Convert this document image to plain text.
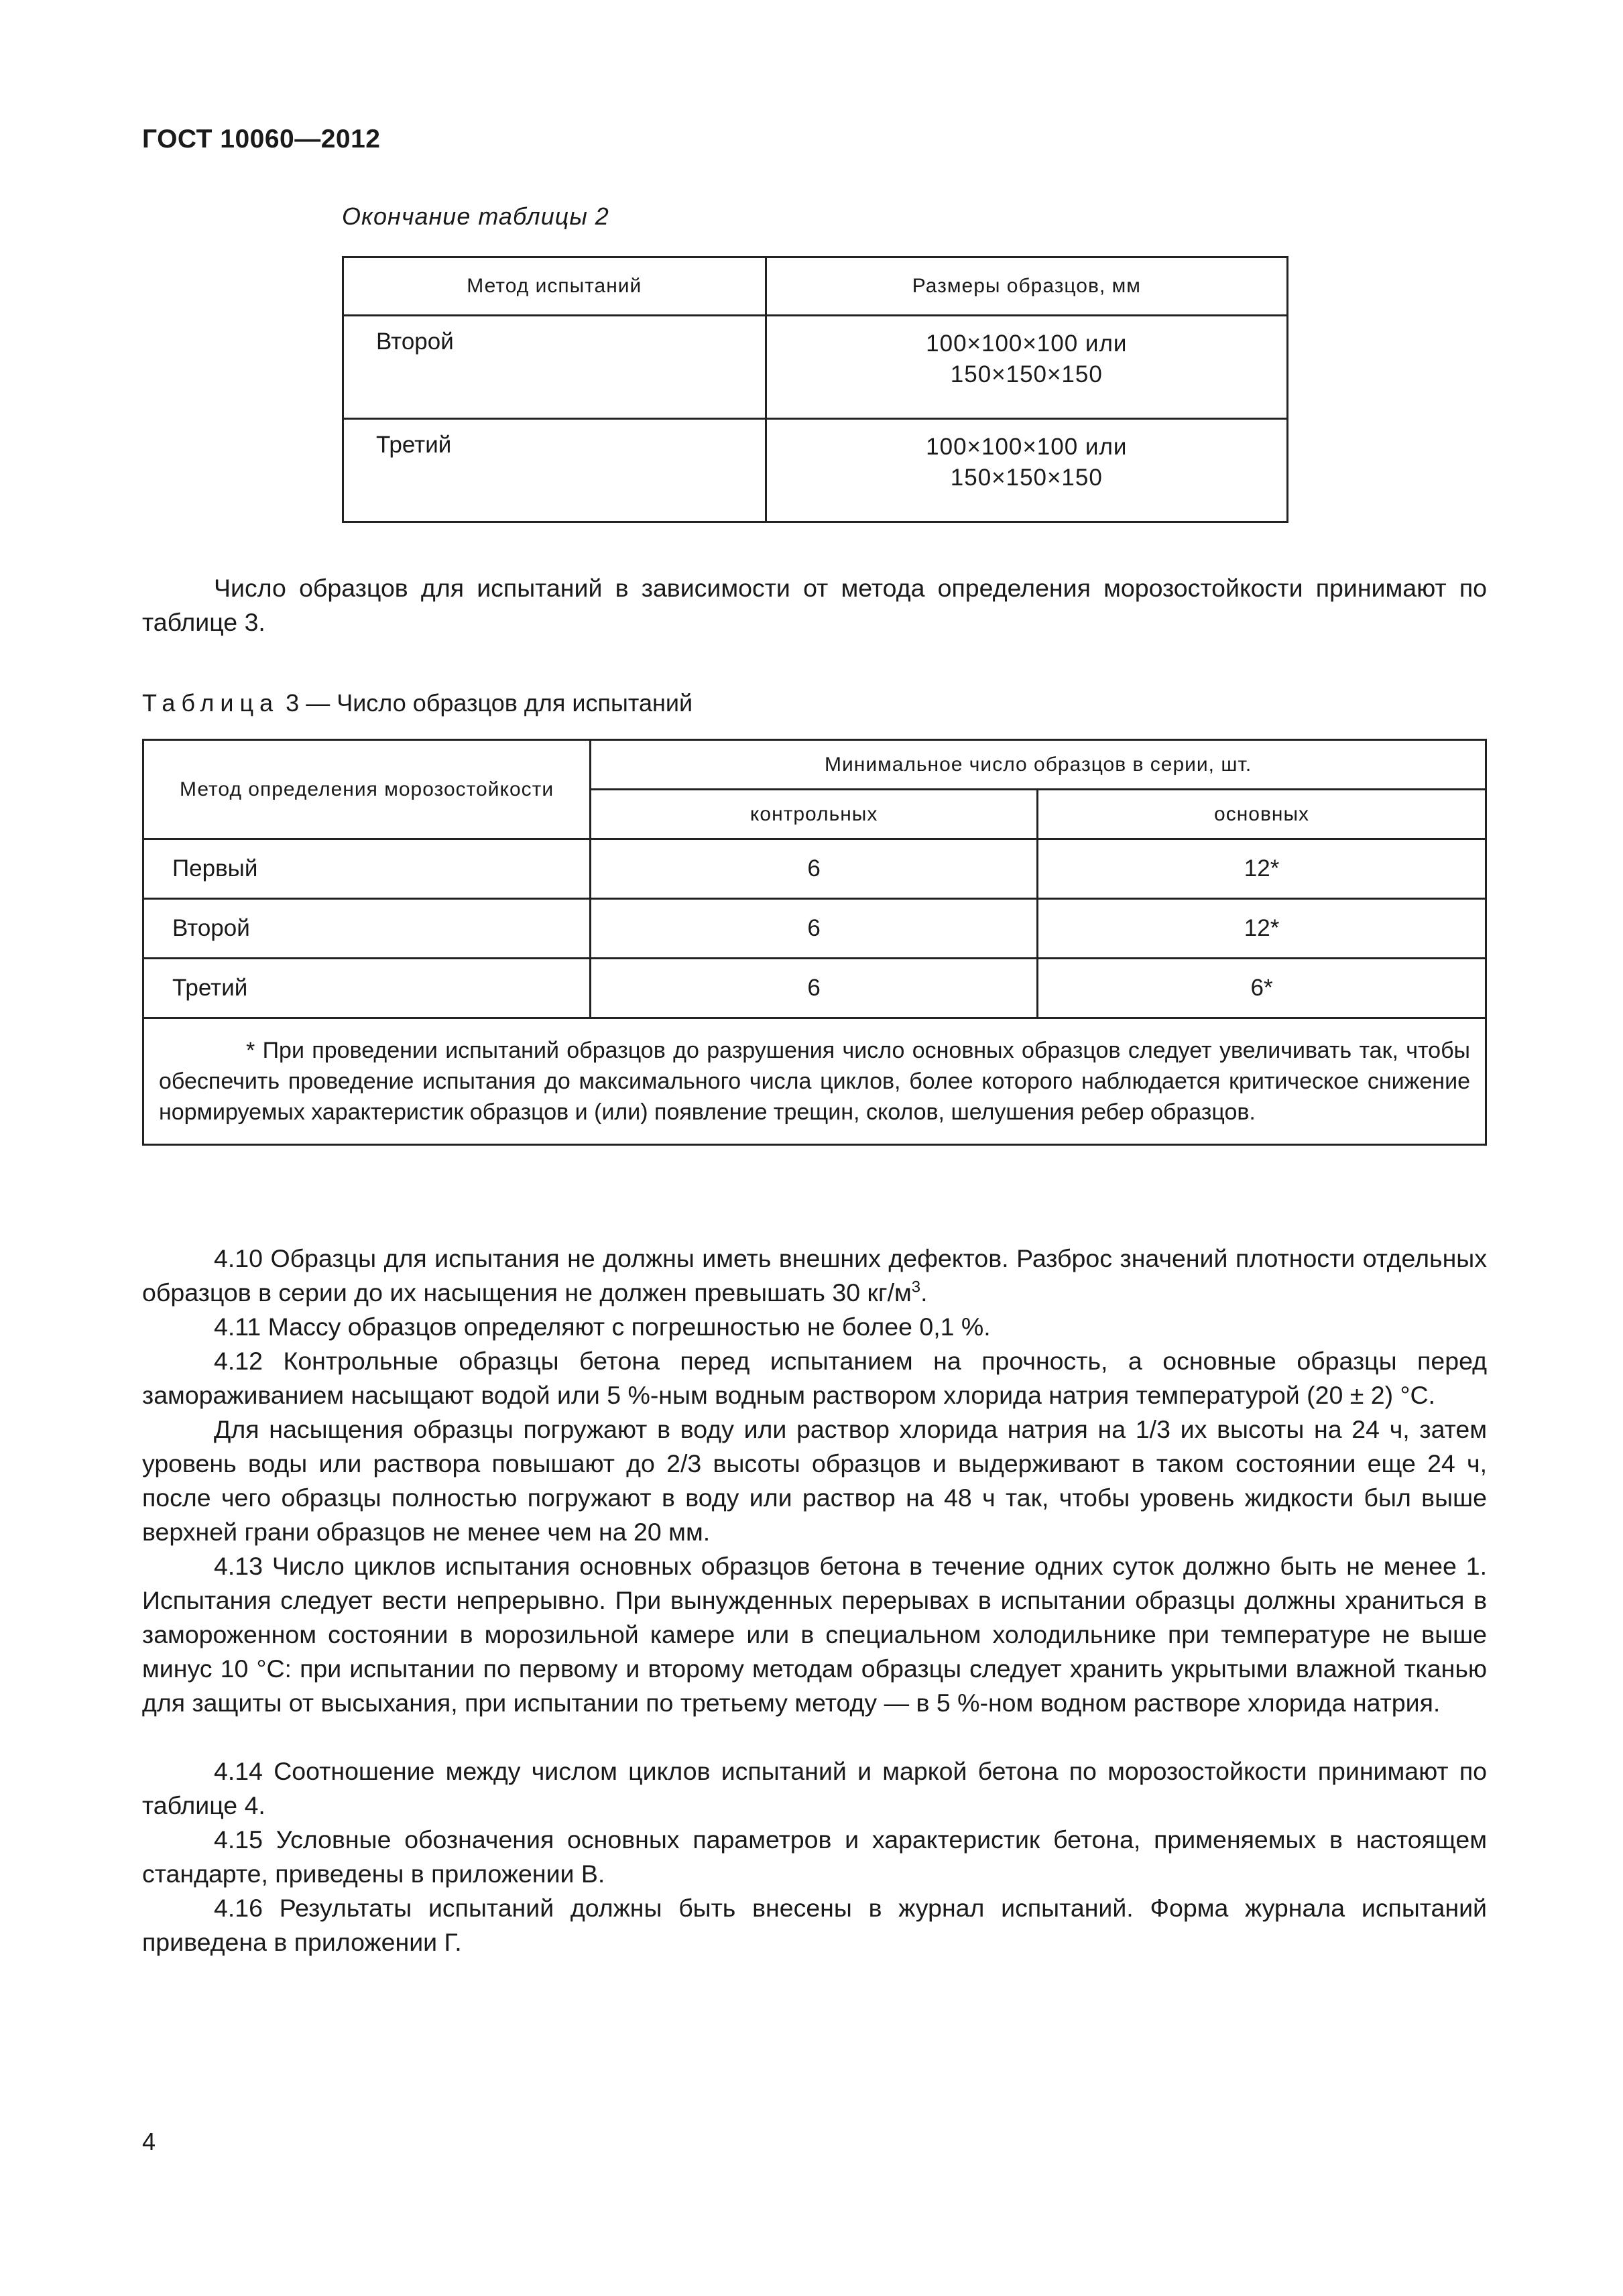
ГОСТ 10060—2012
Окончание таблицы 2
Метод испытаний	Размеры образцов, мм
Второй	100×100×100 или
150×150×150

Третий	100×100×100 или
150×150×150
Число образцов для испытаний в зависимости от метода определения морозостойкости принимают по таблице 3.
Таблица 3 — Число образцов для испытаний
Метод определения морозостойкости	Минимальное число образцов в серии, шт.	
	контрольных	основных
Первый	6	12*
Второй	6	12*
Третий	6	6*

* При проведении испытаний образцов до разрушения число основных образцов следует увеличивать так, чтобы обеспечить проведение испытания до максимального числа циклов, более которого наблюдается критическое снижение нормируемых характеристик образцов и (или) появление трещин, сколов, шелушения ребер образцов.		
4.10 Образцы для испытания не должны иметь внешних дефектов. Разброс значений плотности отдельных образцов в серии до их насыщения не должен превышать 30 $кг/м^3$.
4.11 Массу образцов определяют с погрешностью не более 0,1 %.
4.12 Контрольные образцы бетона перед испытанием на прочность, а основные образцы перед замораживанием насыщают водой или 5 %-ным водным раствором хлорида натрия температурой (20 ± 2) °С.
Для насыщения образцы погружают в воду или раствор хлорида натрия на 1/3 их высоты на 24 ч, затем уровень воды или раствора повышают до 2/3 высоты образцов и выдерживают в таком состоянии еще 24 ч, после чего образцы полностью погружают в воду или раствор на 48 ч так, чтобы уровень жидкости был выше верхней грани образцов не менее чем на 20 мм.
4.13 Число циклов испытания основных образцов бетона в течение одних суток должно быть не менее 1. Испытания следует вести непрерывно. При вынужденных перерывах в испытании образцы должны храниться в замороженном состоянии в морозильной камере или в специальном холодильнике при температуре не выше минус 10 °С: при испытании по первому и второму методам образцы следует хранить укрытыми влажной тканью для защиты от высыхания, при испытании по третьему методу — в 5 %-ном водном растворе хлорида натрия.
4.14 Соотношение между числом циклов испытаний и маркой бетона по морозостойкости принимают по таблице 4.
4.15 Условные обозначения основных параметров и характеристик бетона, применяемых в настоящем стандарте, приведены в приложении В.
4.16 Результаты испытаний должны быть внесены в журнал испытаний. Форма журнала испытаний приведена в приложении Г.
4
